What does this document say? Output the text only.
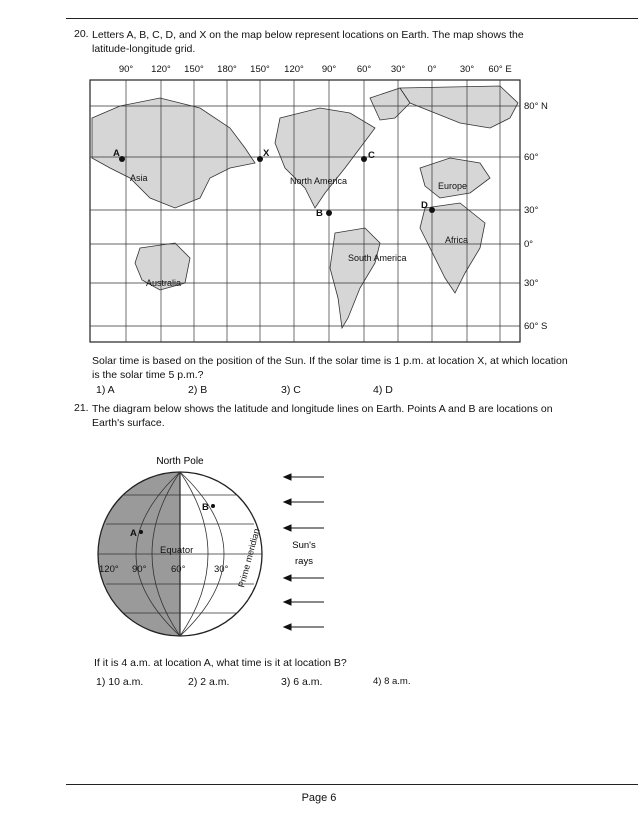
20. Letters A, B, C, D, and X on the map below represent locations on Earth. The map shows the latitude-longitude grid.
90° 120° 150° 180° 150° 120° 90° 60° 30° 0° 30° 60° E
80° N
60°
30°
0°
30°
60° S
Asia	North America	Europe
Africa
South America
Australia
A	X	C
B
D
Solar time is based on the position of the Sun. If the solar time is 1 p.m. at location X, at which location is the solar time 5 p.m.?
1) A	2) B	3) C	4) D
21. The diagram below shows the latitude and longitude lines on Earth. Points A and B are locations on Earth's surface.
North Pole
B
A
Equator
120° 90°	60°	30° Prime meridian	Sun's
rays
If it is 4 a.m. at location A, what time is it at location B?
1) 10 a.m.	2) 2 a.m.	3) 6 a.m.	4) 8 a.m.
Page 6
